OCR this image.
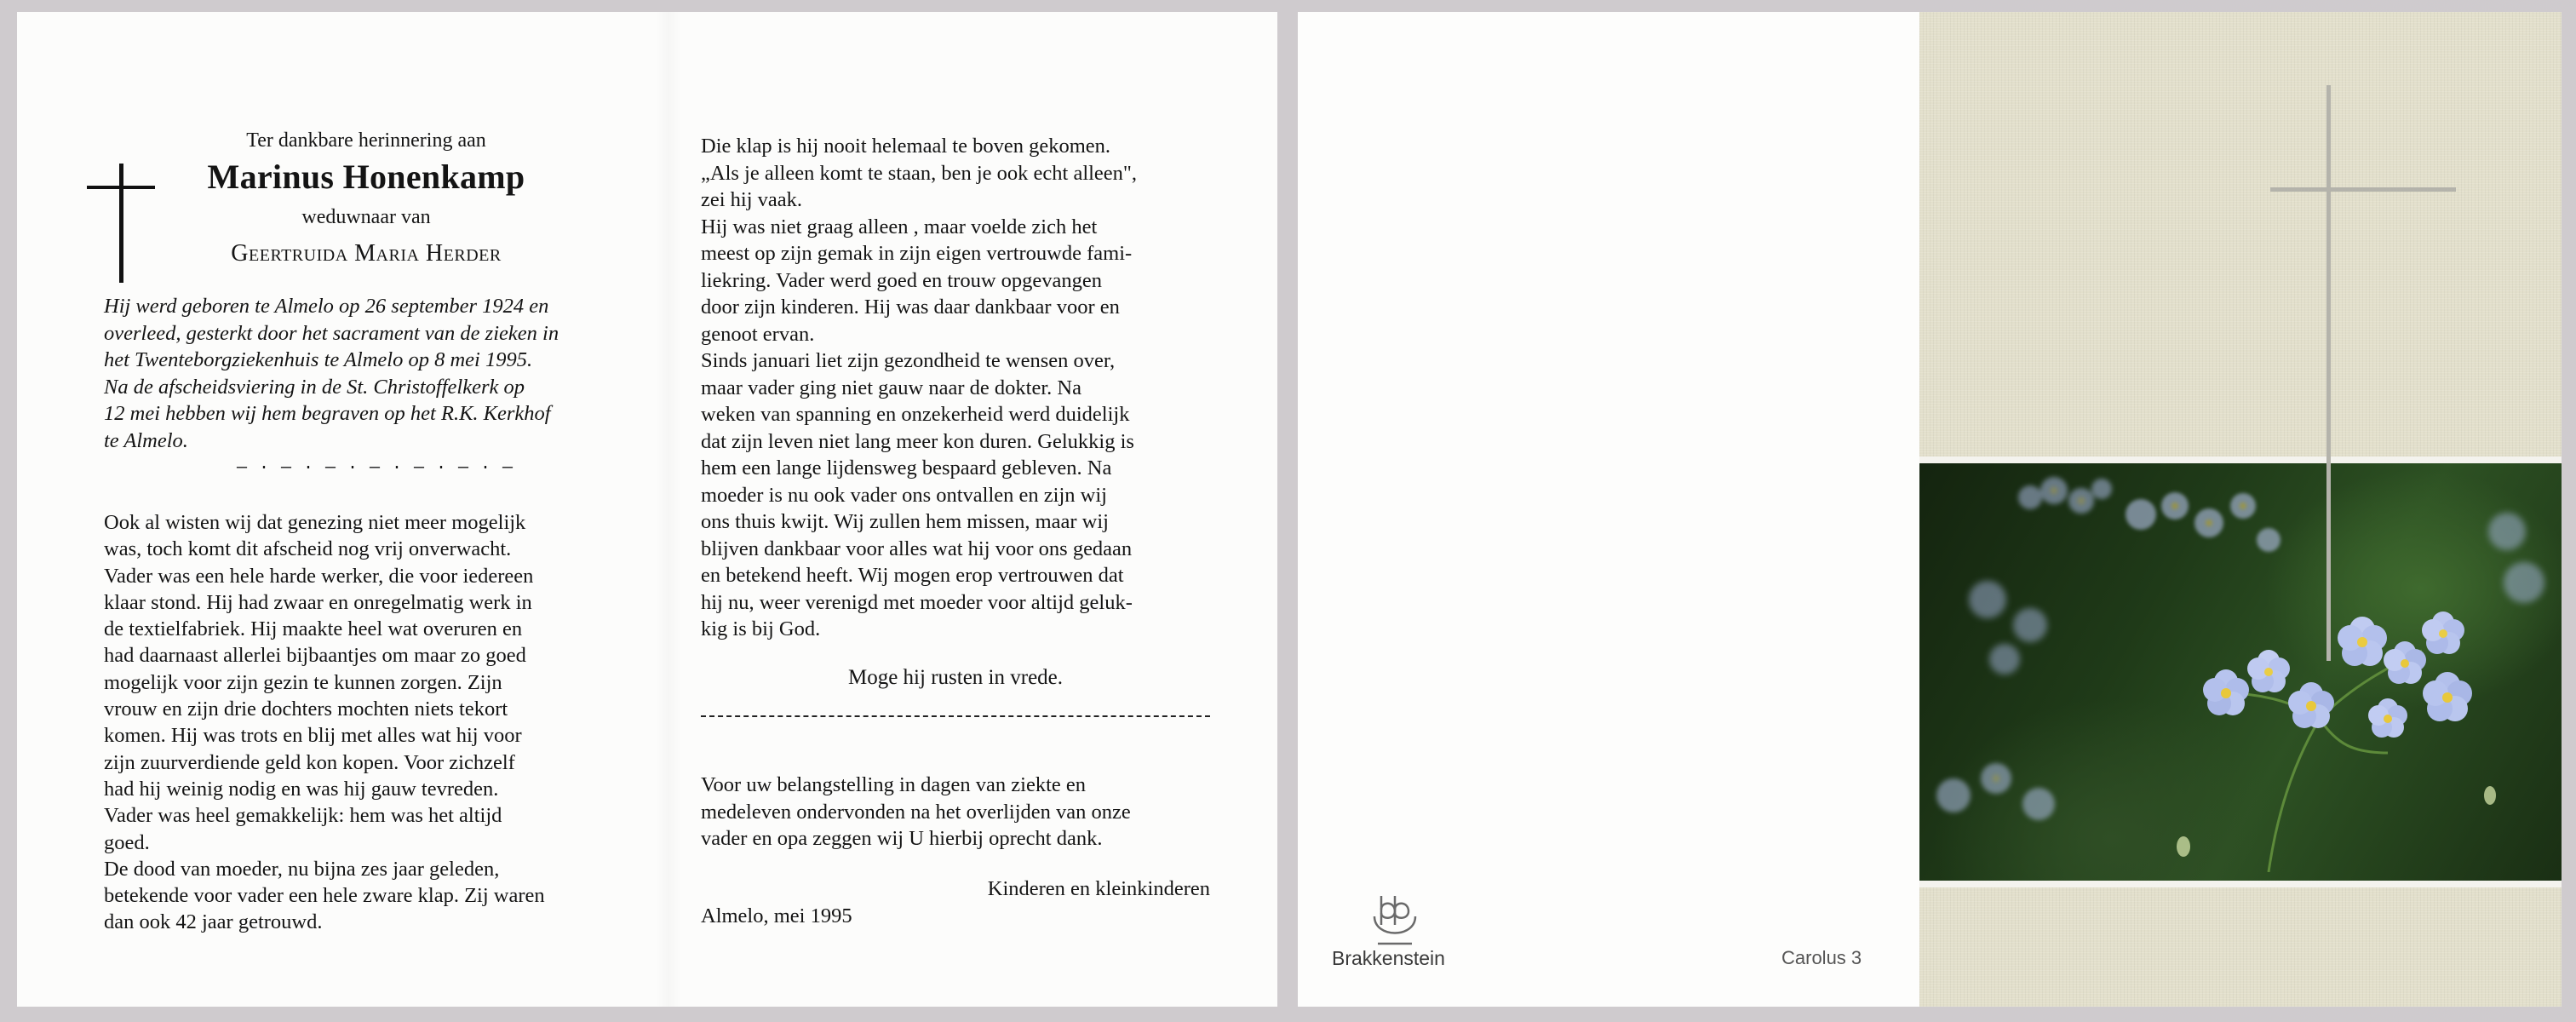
Ter dankbare herinnering aan
Marinus Honenkamp
weduwnaar van
Geertruida Maria Herder

Hij werd geboren te Almelo op 26 september 1924 en

overleed, gesterkt door het sacrament van de zieken in

het Twenteborgziekenhuis te Almelo op 8 mei 1995.

Na de afscheidsviering in de St. Christoffelkerk op

12 mei hebben wij hem begraven op het R.K. Kerkhof

te Almelo.

— · — · — · — · — · — · —

Ook al wisten wij dat genezing niet meer mogelijk

was, toch komt dit afscheid nog vrij onverwacht.

Vader was een hele harde werker, die voor iedereen

klaar stond. Hij had zwaar en onregelmatig werk in

de textielfabriek. Hij maakte heel wat overuren en

had daarnaast allerlei bijbaantjes om maar zo goed

mogelijk voor zijn gezin te kunnen zorgen. Zijn

vrouw en zijn drie dochters mochten niets tekort

komen. Hij was trots en blij met alles wat hij voor

zijn zuurverdiende geld kon kopen. Voor zichzelf

had hij weinig nodig en was hij gauw tevreden.

Vader was heel gemakkelijk: hem was het altijd

goed.

De dood van moeder, nu bijna zes jaar geleden,

betekende voor vader een hele zware klap. Zij waren

dan ook 42 jaar getrouwd.

Die klap is hij nooit helemaal te boven gekomen.

„Als je alleen komt te staan, ben je ook echt alleen",

zei hij vaak.

Hij was niet graag alleen , maar voelde zich het

meest op zijn gemak in zijn eigen vertrouwde fami-

liekring. Vader werd goed en trouw opgevangen

door zijn kinderen. Hij was daar dankbaar voor en

genoot ervan.

Sinds januari liet zijn gezondheid te wensen over,

maar vader ging niet gauw naar de dokter. Na

weken van spanning en onzekerheid werd duidelijk

dat zijn leven niet lang meer kon duren. Gelukkig is

hem een lange lijdensweg bespaard gebleven. Na

moeder is nu ook vader ons ontvallen en zijn wij

ons thuis kwijt. Wij zullen hem missen, maar wij

blijven dankbaar voor alles wat hij voor ons gedaan

en betekend heeft. Wij mogen erop vertrouwen dat

hij nu, weer verenigd met moeder voor altijd geluk-

kig is bij God.

Moge hij rusten in vrede.

Voor uw belangstelling in dagen van ziekte en

medeleven ondervonden na het overlijden van onze

vader en opa zeggen wij U hierbij oprecht dank.

Kinderen en kleinkinderen
Almelo, mei 1995
Brakkenstein	Carolus 3
